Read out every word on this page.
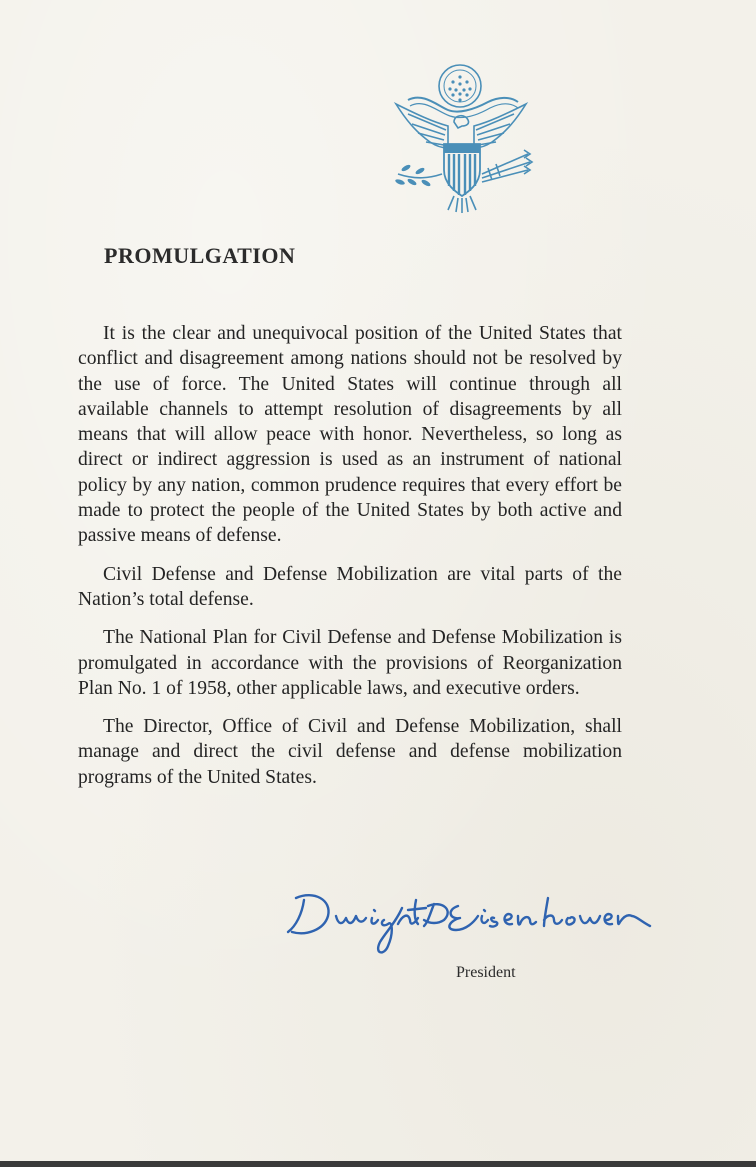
PROMULGATION

It is the clear and unequivocal position of the United States that conflict and disagreement among nations should not be resolved by the use of force. The United States will continue through all available channels to attempt resolution of disagreements by all means that will allow peace with honor. Nevertheless, so long as direct or indirect aggression is used as an instrument of national policy by any nation, common prudence requires that every effort be made to protect the people of the United States by both active and passive means of defense.

Civil Defense and Defense Mobilization are vital parts of the Nation’s total defense.

The National Plan for Civil Defense and Defense Mobilization is promulgated in accordance with the provisions of Reorganization Plan No. 1 of 1958, other applicable laws, and executive orders.

The Director, Office of Civil and Defense Mobilization, shall manage and direct the civil defense and defense mobilization programs of the United States.

President
